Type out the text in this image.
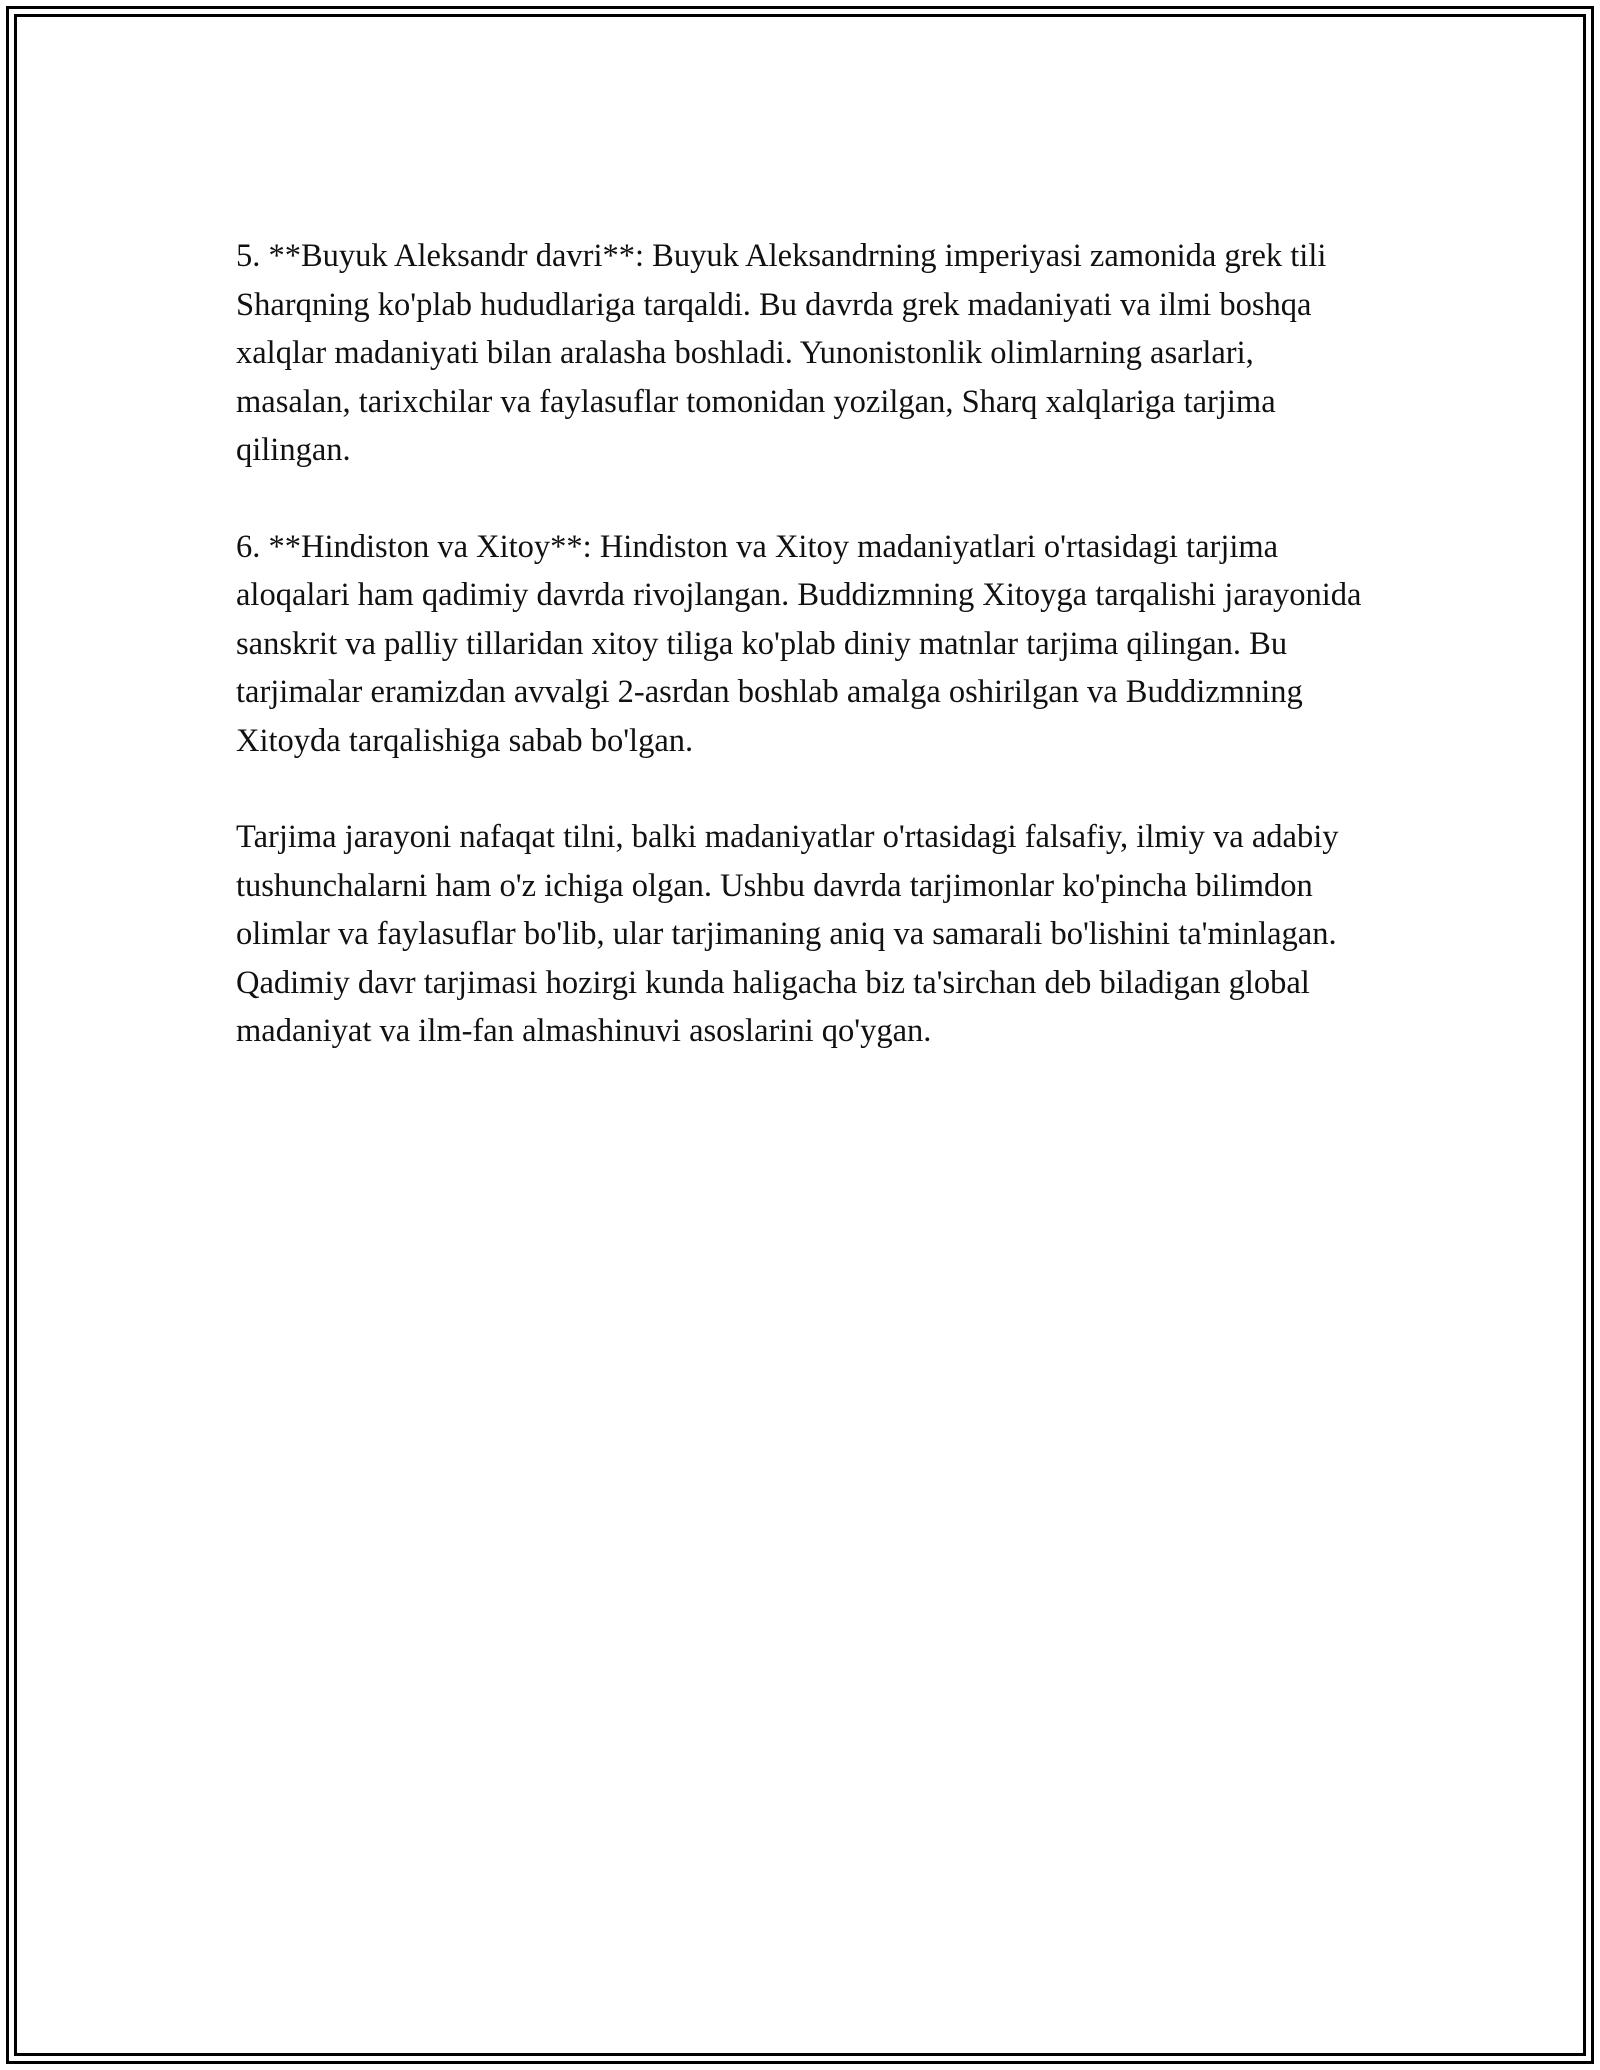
5. **Buyuk Aleksandr davri**: Buyuk Aleksandrning imperiyasi zamonida grek tili Sharqning ko'plab hududlariga tarqaldi. Bu davrda grek madaniyati va ilmi boshqa xalqlar madaniyati bilan aralasha boshladi. Yunonistonlik olimlarning asarlari, masalan, tarixchilar va faylasuflar tomonidan yozilgan, Sharq xalqlariga tarjima qilingan.

6. **Hindiston va Xitoy**: Hindiston va Xitoy madaniyatlari o'rtasidagi tarjima aloqalari ham qadimiy davrda rivojlangan. Buddizmning Xitoyga tarqalishi jarayonida sanskrit va palliy tillaridan xitoy tiliga ko'plab diniy matnlar tarjima qilingan. Bu tarjimalar eramizdan avvalgi 2-asrdan boshlab amalga oshirilgan va Buddizmning Xitoyda tarqalishiga sabab bo'lgan.

Tarjima jarayoni nafaqat tilni, balki madaniyatlar o'rtasidagi falsafiy, ilmiy va adabiy tushunchalarni ham o'z ichiga olgan. Ushbu davrda tarjimonlar ko'pincha bilimdon olimlar va faylasuflar bo'lib, ular tarjimaning aniq va samarali bo'lishini ta'minlagan. Qadimiy davr tarjimasi hozirgi kunda haligacha biz ta'sirchan deb biladigan global madaniyat va ilm-fan almashinuvi asoslarini qo'ygan.
